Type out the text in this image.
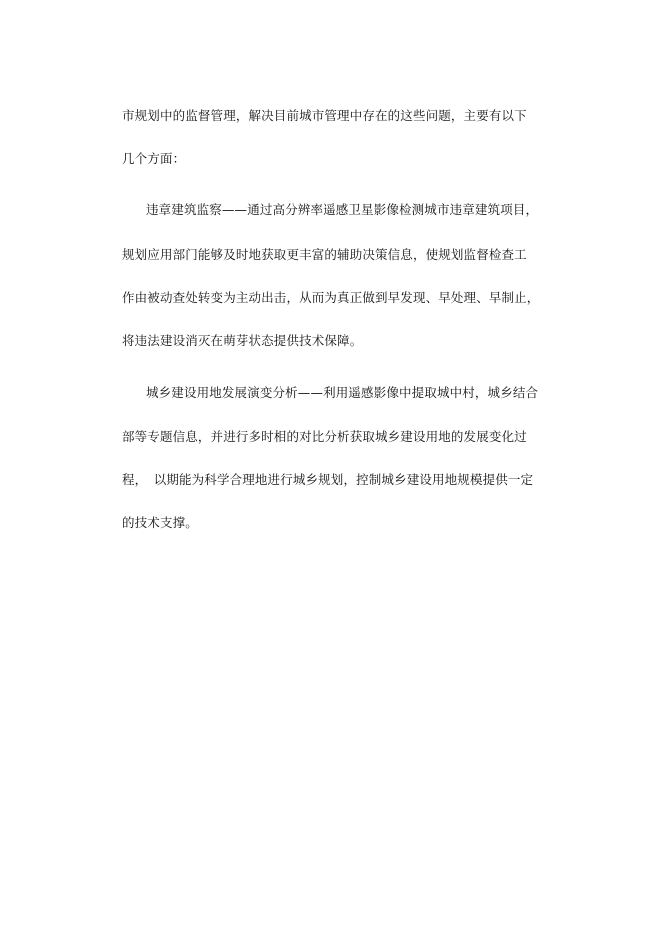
市规划中的监督管理，解决目前城市管理中存在的这些问题，主要有以下
几个方面：
违章建筑监察——通过高分辨率遥感卫星影像检测城市违章建筑项目，
规划应用部门能够及时地获取更丰富的辅助决策信息，使规划监督检查工
作由被动查处转变为主动出击，从而为真正做到早发现、早处理、早制止，
将违法建设消灭在萌芽状态提供技术保障。
城乡建设用地发展演变分析——利用遥感影像中提取城中村，城乡结合
部等专题信息，并进行多时相的对比分析获取城乡建设用地的发展变化过
程，　以期能为科学合理地进行城乡规划，控制城乡建设用地规模提供一定
的技术支撑。
